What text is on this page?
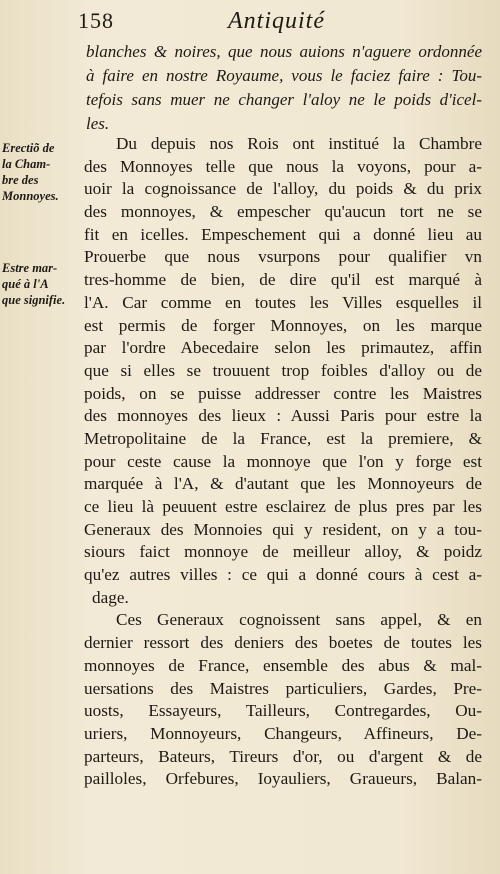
158	Antiquité
blanches & noires, que nous auions n'aguere ordonnée
à faire en nostre Royaume, vous le faciez faire : Tou-
tefois sans muer ne changer l'aloy ne le poids d'icel-
les.
Erectiõ de
la Cham-
bre des
Monnoyes.
Estre mar-
qué à l'A
que signifie.
Du depuis nos Rois ont institué la Chambre
des Monnoyes telle que nous la voyons, pour a-
uoir la cognoissance de l'alloy, du poids & du prix
des monnoyes, & empescher qu'aucun tort ne se
fit en icelles. Empeschement qui a donné lieu au
Prouerbe que nous vsurpons pour qualifier vn
tres-homme de bien, de dire qu'il est marqué à
l'A. Car comme en toutes les Villes esquelles il
est permis de forger Monnoyes, on les marque
par l'ordre Abecedaire selon les primautez, affin
que si elles se trouuent trop foibles d'alloy ou de
poids, on se puisse addresser contre les Maistres
des monnoyes des lieux : Aussi Paris pour estre la
Metropolitaine de la France, est la premiere, &
pour ceste cause la monnoye que l'on y forge est
marquée à l'A, & d'autant que les Monnoyeurs de
ce lieu là peuuent estre esclairez de plus pres par les
Generaux des Monnoies qui y resident, on y a tou-
siours faict monnoye de meilleur alloy, & poidz
qu'ez autres villes : ce qui a donné cours à cest a-
dage.
Ces Generaux cognoissent sans appel, & en
dernier ressort des deniers des boetes de toutes les
monnoyes de France, ensemble des abus & mal-
uersations des Maistres particuliers, Gardes, Pre-
uosts, Essayeurs, Tailleurs, Contregardes, Ou-
uriers, Monnoyeurs, Changeurs, Affineurs, De-
parteurs, Bateurs, Tireurs d'or, ou d'argent & de
pailloles, Orfebures, Ioyauliers, Graueurs, Balan-
